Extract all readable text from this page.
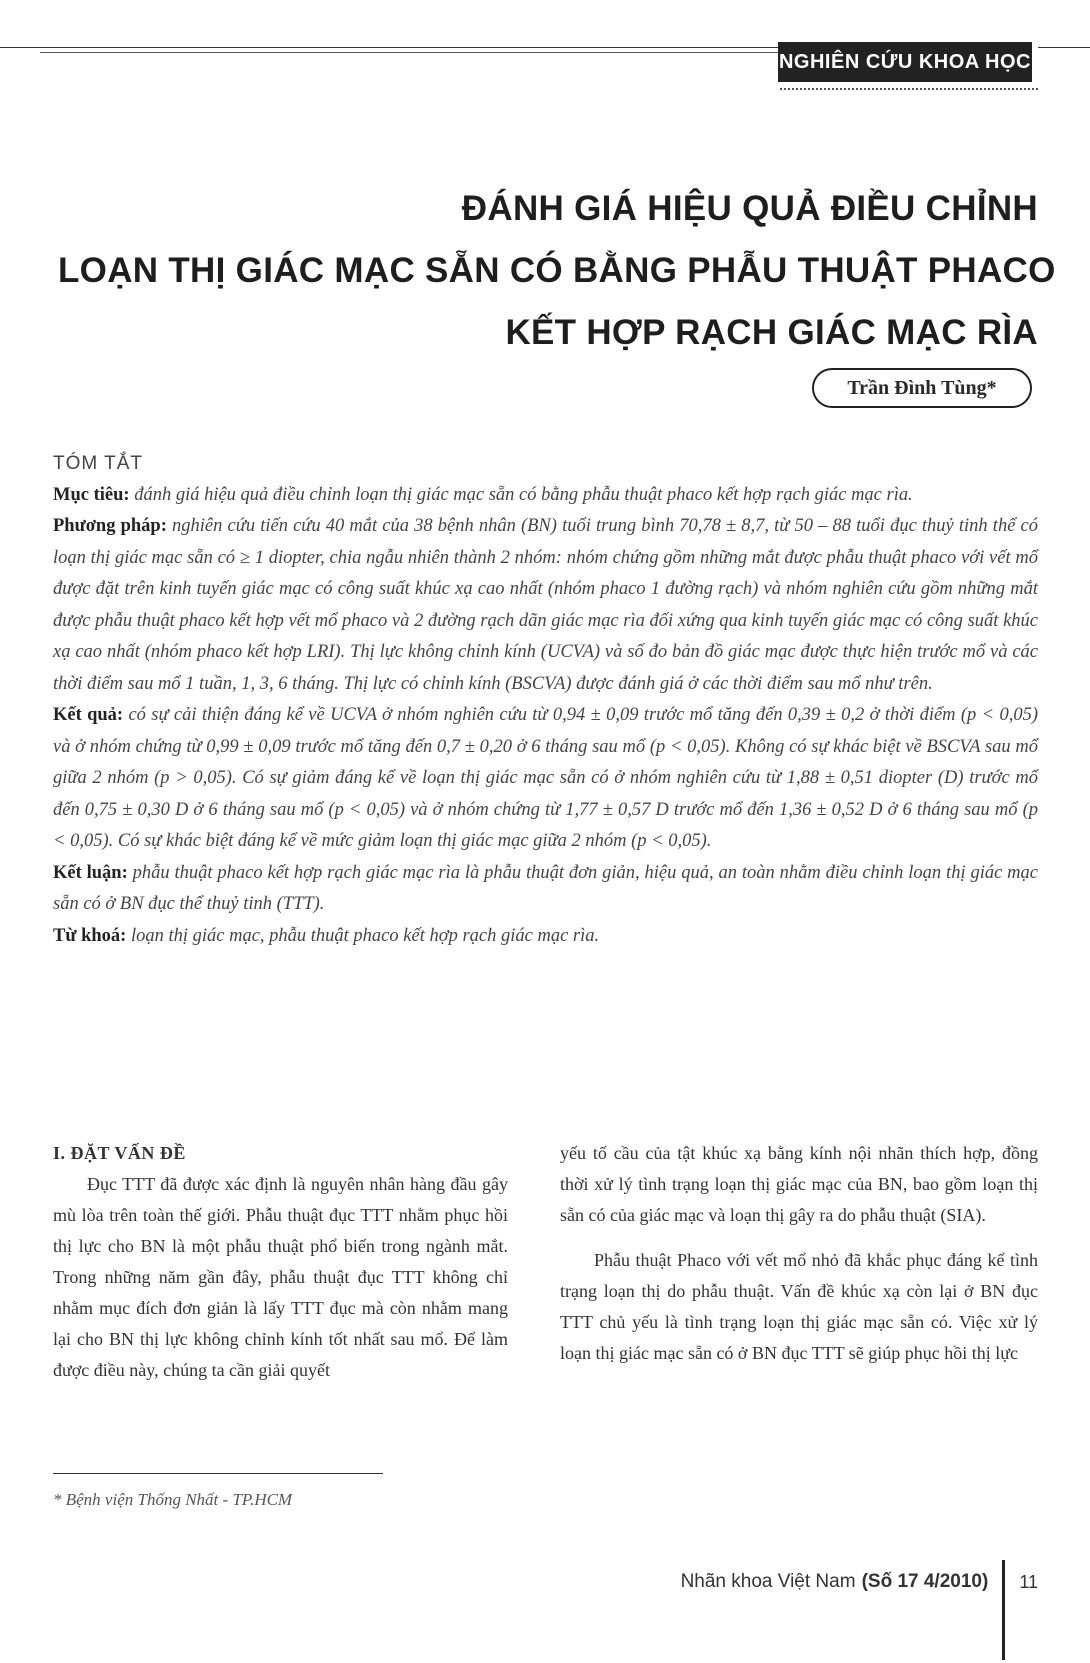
NGHIÊN CỨU KHOA HỌC
ĐÁNH GIÁ HIỆU QUẢ ĐIỀU CHỈNH
LOẠN THỊ GIÁC MẠC SẴN CÓ BẰNG PHẪU THUẬT PHACO
KẾT HỢP RẠCH GIÁC MẠC RÌA
Trần Đình Tùng*
TÓM TẮT

Mục tiêu: đánh giá hiệu quả điều chỉnh loạn thị giác mạc sẵn có bằng phẫu thuật phaco kết hợp rạch giác mạc rìa.

Phương pháp: nghiên cứu tiến cứu 40 mắt của 38 bệnh nhân (BN) tuổi trung bình 70,78 ± 8,7, từ 50 – 88 tuổi đục thuỷ tinh thể có loạn thị giác mạc sẵn có ≥ 1 diopter, chia ngẫu nhiên thành 2 nhóm: nhóm chứng gồm những mắt được phẫu thuật phaco với vết mổ được đặt trên kinh tuyến giác mạc có công suất khúc xạ cao nhất (nhóm phaco 1 đường rạch) và nhóm nghiên cứu gồm những mắt được phẫu thuật phaco kết hợp vết mổ phaco và 2 đường rạch dãn giác mạc rìa đối xứng qua kinh tuyến giác mạc có công suất khúc xạ cao nhất (nhóm phaco kết hợp LRI). Thị lực không chỉnh kính (UCVA) và số đo bản đồ giác mạc được thực hiện trước mổ và các thời điểm sau mổ 1 tuần, 1, 3, 6 tháng. Thị lực có chỉnh kính (BSCVA) được đánh giá ở các thời điểm sau mổ như trên.

Kết quả: có sự cải thiện đáng kể về UCVA ở nhóm nghiên cứu từ 0,94 ± 0,09 trước mổ tăng đến 0,39 ± 0,2 ở thời điểm (p < 0,05) và ở nhóm chứng từ 0,99 ± 0,09 trước mổ tăng đến 0,7 ± 0,20 ở 6 tháng sau mổ (p < 0,05). Không có sự khác biệt về BSCVA sau mổ giữa 2 nhóm (p > 0,05). Có sự giảm đáng kể về loạn thị giác mạc sẵn có ở nhóm nghiên cứu từ 1,88 ± 0,51 diopter (D) trước mổ đến 0,75 ± 0,30 D ở 6 tháng sau mổ (p < 0,05) và ở nhóm chứng từ 1,77 ± 0,57 D trước mổ đến 1,36 ± 0,52 D ở 6 tháng sau mổ (p < 0,05). Có sự khác biệt đáng kể về mức giảm loạn thị giác mạc giữa 2 nhóm (p < 0,05).

Kết luận: phẫu thuật phaco kết hợp rạch giác mạc rìa là phẫu thuật đơn giản, hiệu quả, an toàn nhằm điều chỉnh loạn thị giác mạc sẵn có ở BN đục thể thuỷ tinh (TTT).

Từ khoá: loạn thị giác mạc, phẫu thuật phaco kết hợp rạch giác mạc rìa.

I. ĐẶT VẤN ĐỀ

Đục TTT đã được xác định là nguyên nhân hàng đầu gây mù lòa trên toàn thế giới. Phẫu thuật đục TTT nhằm phục hồi thị lực cho BN là một phẫu thuật phổ biến trong ngành mắt. Trong những năm gần đây, phẫu thuật đục TTT không chỉ nhằm mục đích đơn giản là lấy TTT đục mà còn nhằm mang lại cho BN thị lực không chỉnh kính tốt nhất sau mổ. Để làm được điều này, chúng ta cần giải quyết

yếu tố cầu của tật khúc xạ bằng kính nội nhãn thích hợp, đồng thời xử lý tình trạng loạn thị giác mạc của BN, bao gồm loạn thị sẵn có của giác mạc và loạn thị gây ra do phẫu thuật (SIA).

Phẫu thuật Phaco với vết mổ nhỏ đã khắc phục đáng kể tình trạng loạn thị do phẫu thuật. Vấn đề khúc xạ còn lại ở BN đục TTT chủ yếu là tình trạng loạn thị giác mạc sẵn có. Việc xử lý loạn thị giác mạc sẵn có ở BN đục TTT sẽ giúp phục hồi thị lực

* Bệnh viện Thống Nhất - TP.HCM
Nhãn khoa Việt Nam (Số 17 4/2010) 11
